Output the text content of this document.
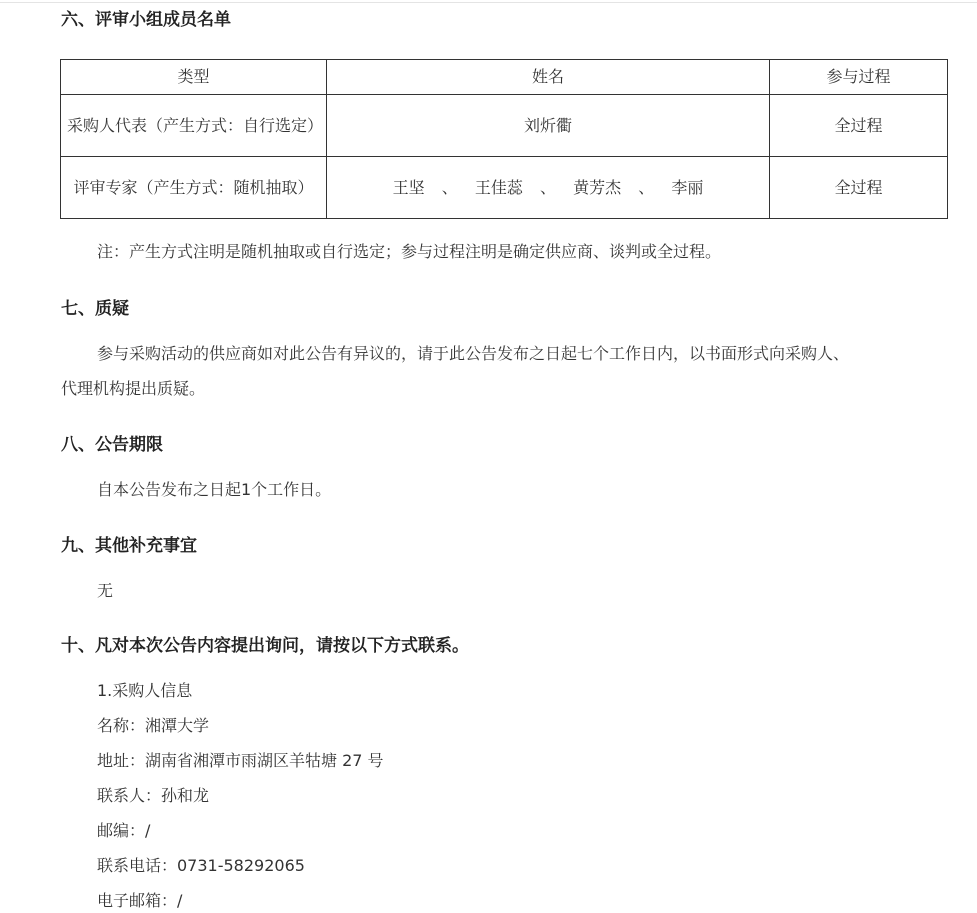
六、评审小组成员名单
类型	姓名	参与过程
采购人代表（产生方式：自行选定）	刘炘衢	全过程
评审专家（产生方式：随机抽取）	王坚 、 王佳蕊 、 黄芳杰 、 李丽	全过程
注：产生方式注明是随机抽取或自行选定；参与过程注明是确定供应商、谈判或全过程。
七、质疑
参与采购活动的供应商如对此公告有异议的，请于此公告发布之日起七个工作日内，以书面形式向采购人、
代理机构提出质疑。
八、公告期限
自本公告发布之日起1个工作日。
九、其他补充事宜
无
十、凡对本次公告内容提出询问，请按以下方式联系。
1.采购人信息
名称：湘潭大学
地址：湖南省湘潭市雨湖区羊牯塘 27 号
联系人：孙和龙
邮编：/
联系电话：0731-58292065
电子邮箱：/
